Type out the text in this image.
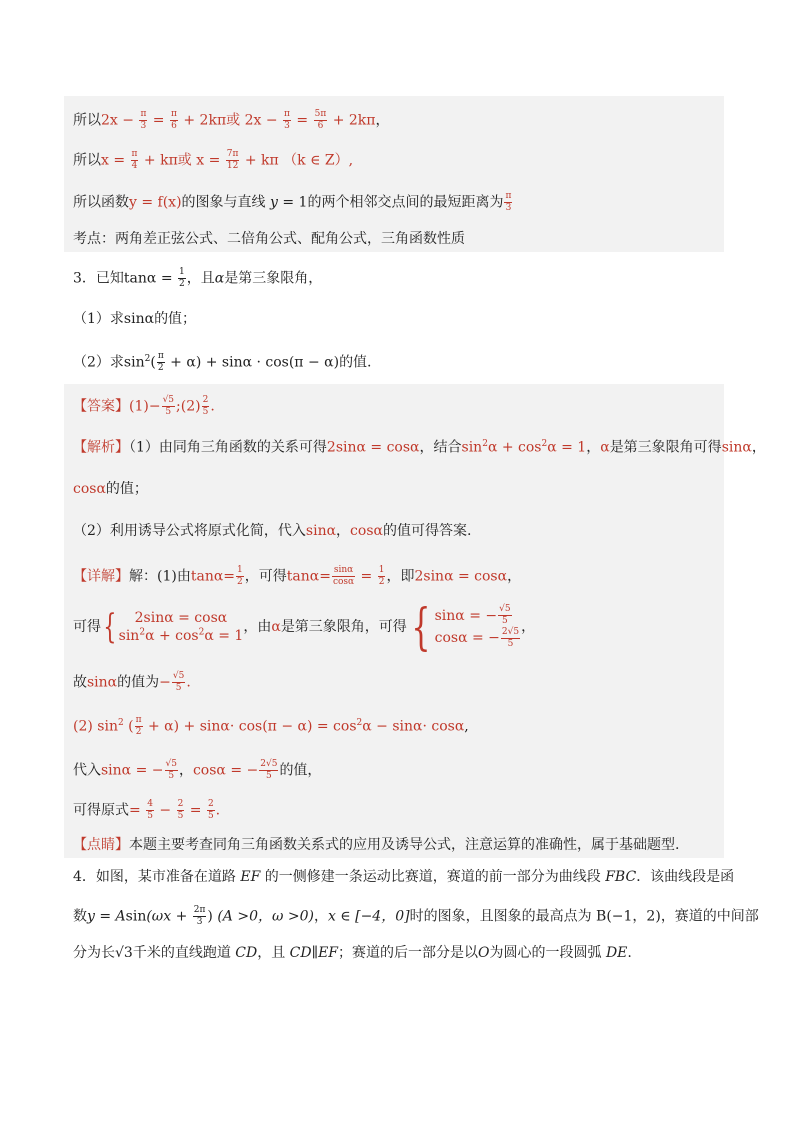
所以$2x - \frac{\pi}{3} = \frac{\pi}{6} + 2k\pi$或 $2x - \frac{\pi}{3} = \frac{5\pi}{6} + 2k\pi$，
所以$x = \frac{\pi}{4} + k\pi$或 $x = \frac{7\pi}{12} + k\pi$ （k ∈ Z）,
所以函数y = f(x)的图象与直线 y = 1的两个相邻交点间的最短距离为 $\frac{\pi}{3}$
考点：两角差正弦公式、二倍角公式、配角公式，三角函数性质
3．已知$\tan\alpha = \frac{1}{2}$ ，且α是第三象限角，
（1）求sinα的值；
（2）求$\sin^2( \frac{\pi}{2} + \alpha) + \sin\alpha \cdot \cos(\pi - \alpha)$的值.
【答案】$(1)- \frac{√5}{5}$ ;(2) $\frac{2}{5}$ .
【解析】（1）由同角三角函数的关系可得2sinα = cosα，结合$\sin^2\alpha + \cos^2\alpha = 1$，α是第三象限角可得sinα，
cosα的值；
（2）利用诱导公式将原式化简，代入sinα，cosα的值可得答案.
【详解】解：(1)由$\tan\alpha= \frac{1}{2}$ ，可得$\tan\alpha= \frac{\sin\alpha}{\cos\alpha} = \frac{1}{2}$ ，即2sinα = cosα，
可得{	2sinα = cosα
$\sin^2\alpha + \cos^2\alpha = 1$
，由α是第三象限角，可得{ sinα = − $\frac{√5}{5}$
cosα = − $\frac{2√5}{5}$
，
故sinα的值为− $\frac{√5}{5}$ .
(2) $\sin^2$ ( $\frac{\pi}{2} + \alpha) + \sin\alpha\cdot \cos(\pi - \alpha) = \cos^2\alpha - \sin\alpha\cdot \cos\alpha$,
代入sinα = − $\frac{√5}{5}$ ，cosα = − $\frac{2√5}{5}$ 的值，
可得原式= $\frac{4}{5} - \frac{2}{5} = \frac{2}{5}$ .
【点睛】本题主要考查同角三角函数关系式的应用及诱导公式，注意运算的准确性，属于基础题型.
4．如图，某市准备在道路 EF 的一侧修建一条运动比赛道，赛道的前一部分为曲线段 FBC．该曲线段是函
数$y = Asin(\omega x + \frac{2\pi}{3}$ ) (A >0，ω >0)，x ∈ [−4，0]时的图象，且图象的最高点为 B(−1，2)，赛道的中间部
分为长√3千米的直线跑道 CD，且 CD∥EF；赛道的后一部分是以O为圆心的一段圆弧 DE.
